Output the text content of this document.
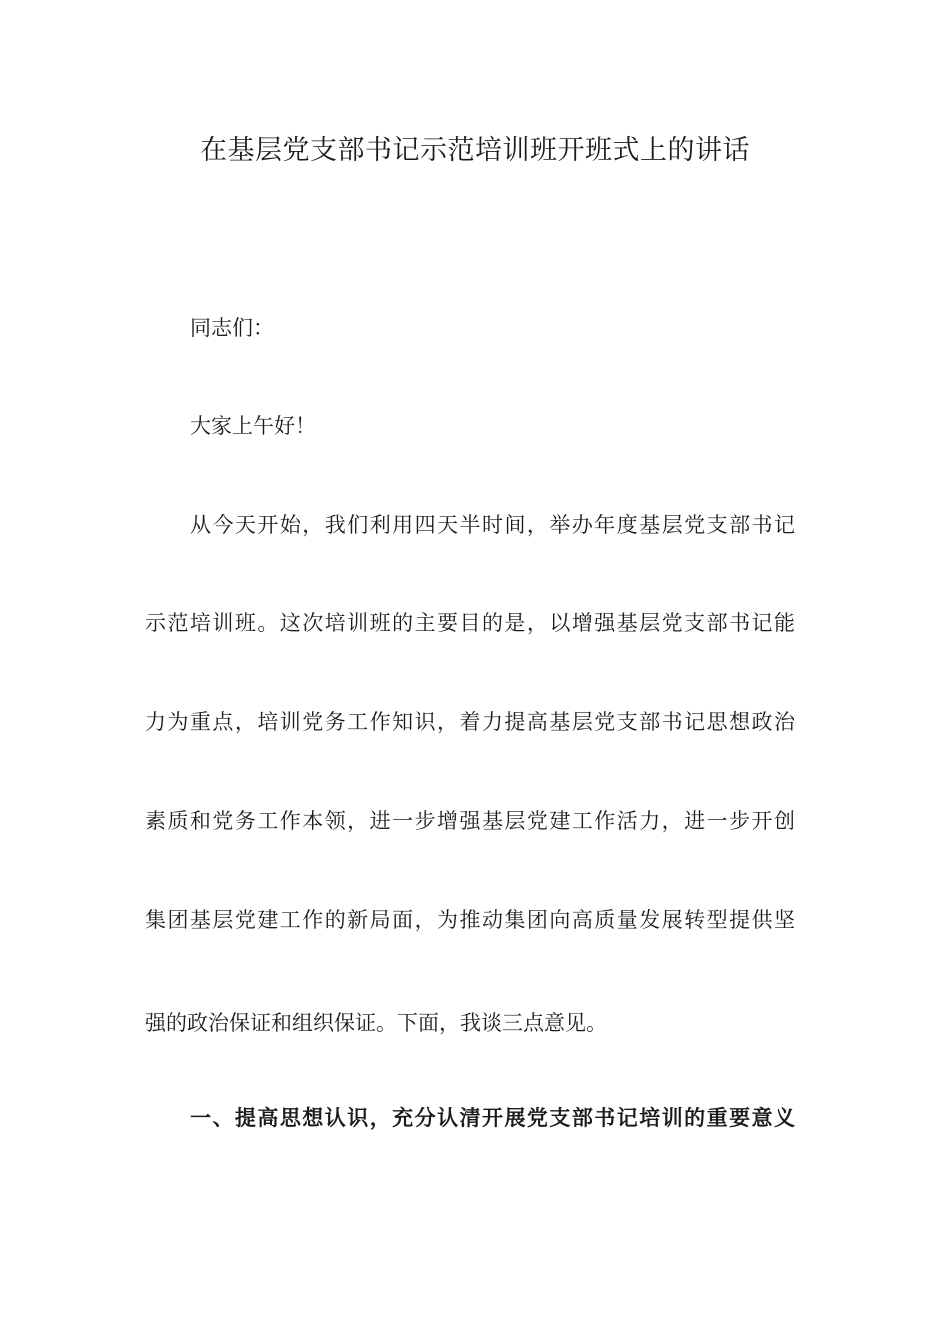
在基层党支部书记示范培训班开班式上的讲话
同志们：
大家上午好！
从今天开始，我们利用四天半时间，举办年度基层党支部书记
示范培训班。这次培训班的主要目的是，以增强基层党支部书记能
力为重点，培训党务工作知识，着力提高基层党支部书记思想政治
素质和党务工作本领，进一步增强基层党建工作活力，进一步开创
集团基层党建工作的新局面，为推动集团向高质量发展转型提供坚
强的政治保证和组织保证。下面，我谈三点意见。
一、提高思想认识，充分认清开展党支部书记培训的重要意义
